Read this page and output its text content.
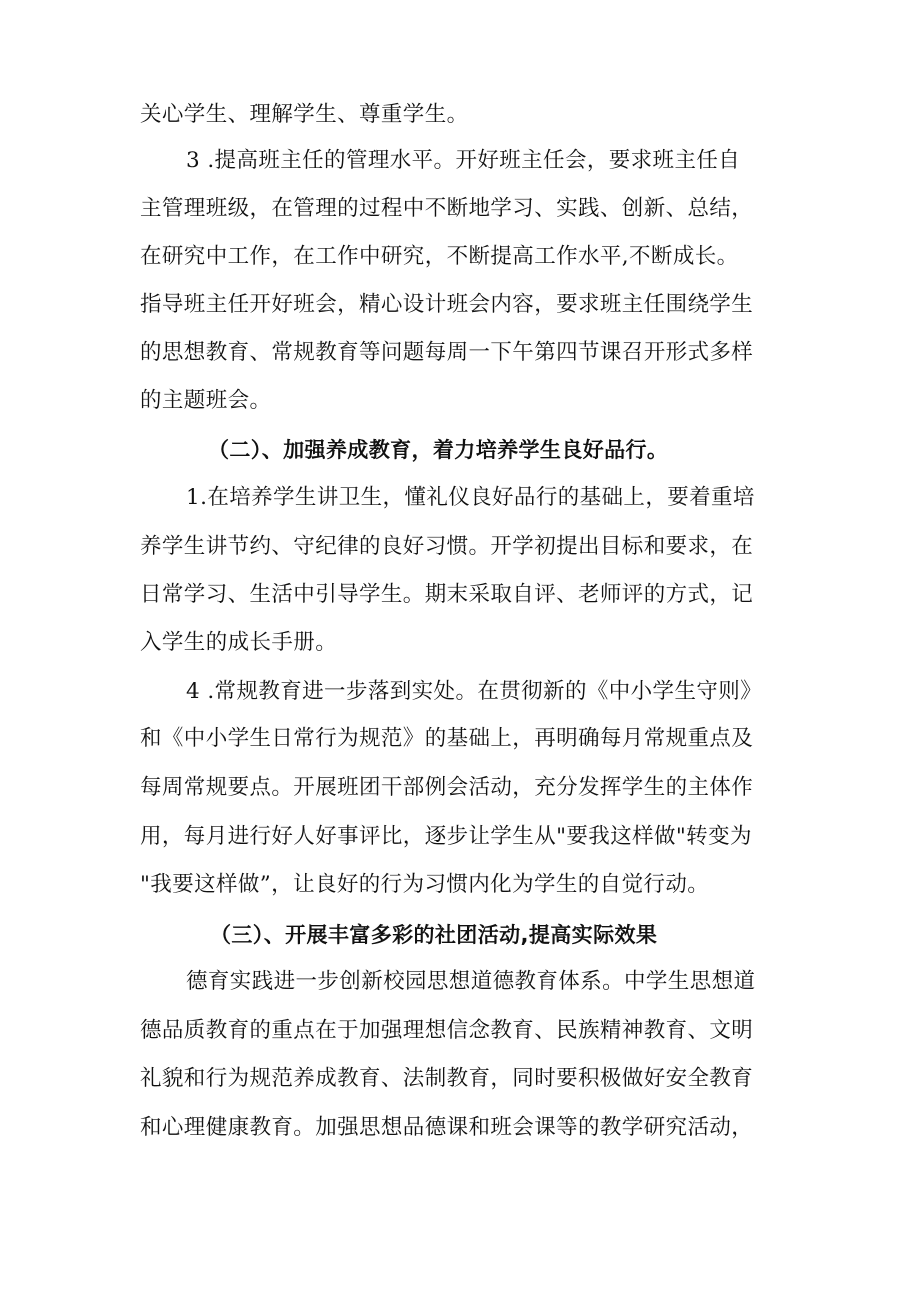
关心学生、理解学生、尊重学生。
3 .提高班主任的管理水平。开好班主任会，要求班主任自
主管理班级，在管理的过程中不断地学习、实践、创新、总结，
在研究中工作，在工作中研究，不断提高工作水平,不断成长。
指导班主任开好班会，精心设计班会内容，要求班主任围绕学生
的思想教育、常规教育等问题每周一下午第四节课召开形式多样
的主题班会。
（二）、加强养成教育，着力培养学生良好品行。
1.在培养学生讲卫生，懂礼仪良好品行的基础上，要着重培
养学生讲节约、守纪律的良好习惯。开学初提出目标和要求，在
日常学习、生活中引导学生。期末采取自评、老师评的方式，记
入学生的成长手册。
4 .常规教育进一步落到实处。在贯彻新的《中小学生守则》
和《中小学生日常行为规范》的基础上，再明确每月常规重点及
每周常规要点。开展班团干部例会活动，充分发挥学生的主体作
用，每月进行好人好事评比，逐步让学生从"要我这样做"转变为
"我要这样做”，让良好的行为习惯内化为学生的自觉行动。
（三）、开展丰富多彩的社团活动,提高实际效果
德育实践进一步创新校园思想道德教育体系。中学生思想道
德品质教育的重点在于加强理想信念教育、民族精神教育、文明
礼貌和行为规范养成教育、法制教育，同时要积极做好安全教育
和心理健康教育。加强思想品德课和班会课等的教学研究活动，
